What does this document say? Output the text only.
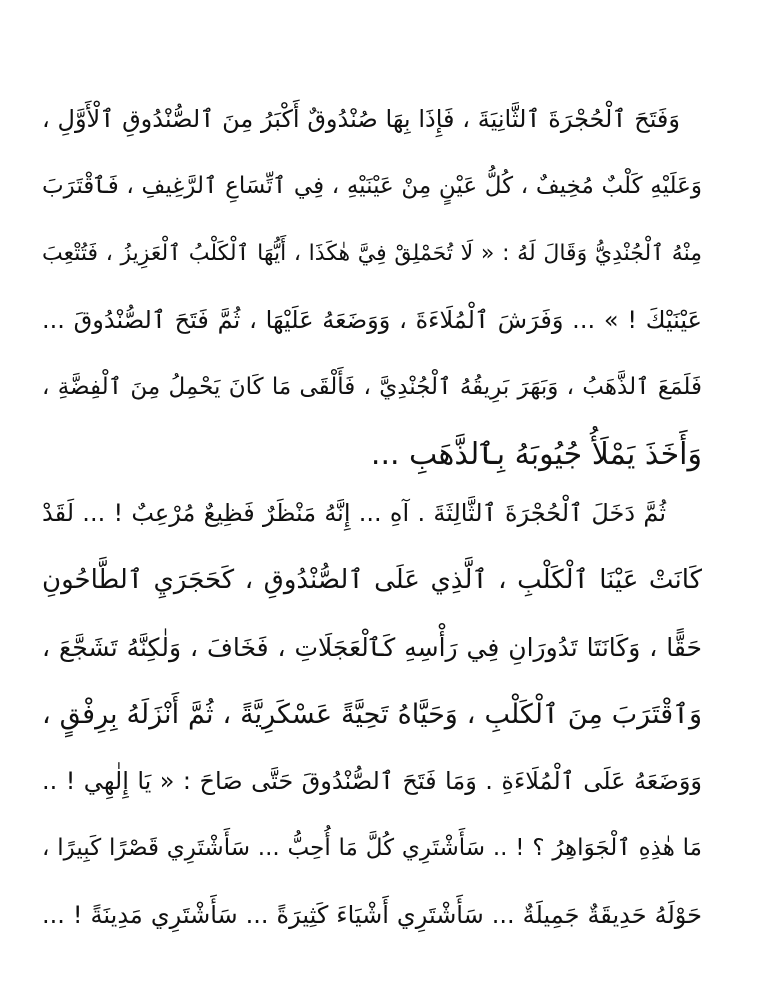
وَفَتَحَ ٱلْحُجْرَةَ ٱلثَّانِيَةَ ، فَإِذَا بِهَا صُنْدُوقٌ أَكْبَرُ مِنَ ٱلصُّنْدُوقِ ٱلْأَوَّلِ ،
وَعَلَيْهِ كَلْبٌ مُخِيفٌ ، كُلُّ عَيْنٍ مِنْ عَيْنَيْهِ ، فِي ٱتِّسَاعِ ٱلرَّغِيفِ ، فَٱقْتَرَبَ
مِنْهُ ٱلْجُنْدِيُّ وَقَالَ لَهُ : « لَا تُحَمْلِقْ فِيَّ هٰكَذَا ، أَيُّهَا ٱلْكَلْبُ ٱلْعَزِيزُ ، فَتُتْعِبَ
عَيْنَيْكَ ! » ... وَفَرَشَ ٱلْمُلَاءَةَ ، وَوَضَعَهُ عَلَيْهَا ، ثُمَّ فَتَحَ ٱلصُّنْدُوقَ ...
فَلَمَعَ ٱلذَّهَبُ ، وَبَهَرَ بَرِيقُهُ ٱلْجُنْدِيَّ ، فَأَلْقَى مَا كَانَ يَحْمِلُ مِنَ ٱلْفِضَّةِ ،
وَأَخَذَ يَمْلَأُ جُيُوبَهُ بِٱلذَّهَبِ ...
ثُمَّ دَخَلَ ٱلْحُجْرَةَ ٱلثَّالِثَةَ . آهِ ... إِنَّهُ مَنْظَرٌ فَظِيعٌ مُرْعِبٌ ! ... لَقَدْ
كَانَتْ عَيْنَا ٱلْكَلْبِ ، ٱلَّذِي عَلَى ٱلصُّنْدُوقِ ، كَحَجَرَيِ ٱلطَّاحُونِ
حَقًّا ، وَكَانَتَا تَدُورَانِ فِي رَأْسِهِ كَٱلْعَجَلَاتِ ، فَخَافَ ، وَلٰكِنَّهُ تَشَجَّعَ ،
وَٱقْتَرَبَ مِنَ ٱلْكَلْبِ ، وَحَيَّاهُ تَحِيَّةً عَسْكَرِيَّةً ، ثُمَّ أَنْزَلَهُ بِرِفْقٍ ،
وَوَضَعَهُ عَلَى ٱلْمُلَاءَةِ . وَمَا فَتَحَ ٱلصُّنْدُوقَ حَتَّى صَاحَ : « يَا إِلٰهِي ! ..
مَا هٰذِهِ ٱلْجَوَاهِرُ ؟ ! .. سَأَشْتَرِي كُلَّ مَا أُحِبُّ ... سَأَشْتَرِي قَصْرًا كَبِيرًا ،
حَوْلَهُ حَدِيقَةٌ جَمِيلَةٌ ... سَأَشْتَرِي أَشْيَاءَ كَثِيرَةً ... سَأَشْتَرِي مَدِينَةً ! ...
